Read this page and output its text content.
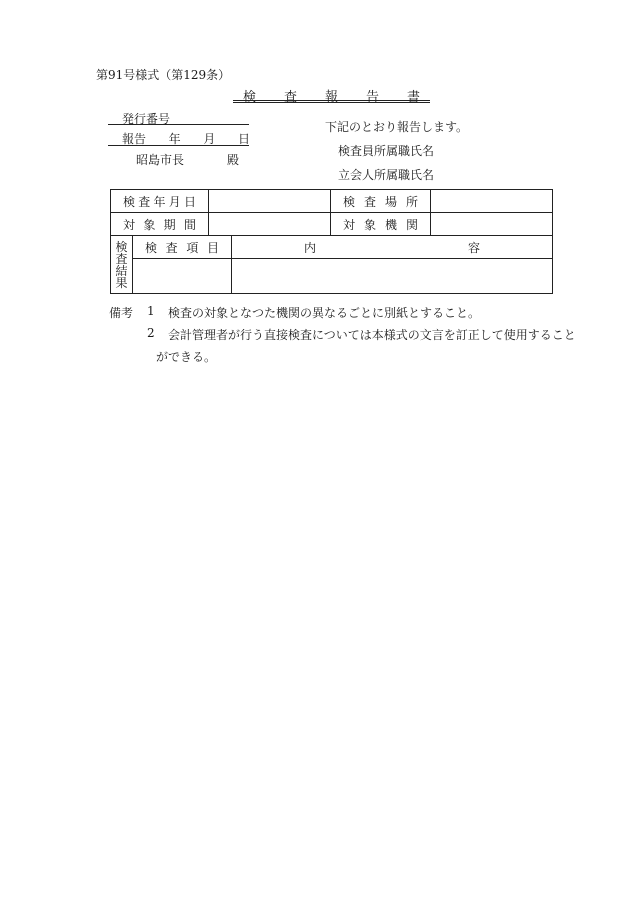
第91号様式（第129条）
検 査 報 告 書
発行番号
報告 年 月 日
昭島市長	殿
下記のとおり報告します。
検査員所属職氏名
立会人所属職氏名
検 査 年 月 日				検 査 場 所	

対 象 期 間				対 象 機 関	

検
査
結
果	検 査 項 目		内 容		

備考 1 検査の対象となつた機関の異なるごとに別紙とすること。
2 会計管理者が行う直接検査については本様式の文言を訂正して使用すること
ができる。
